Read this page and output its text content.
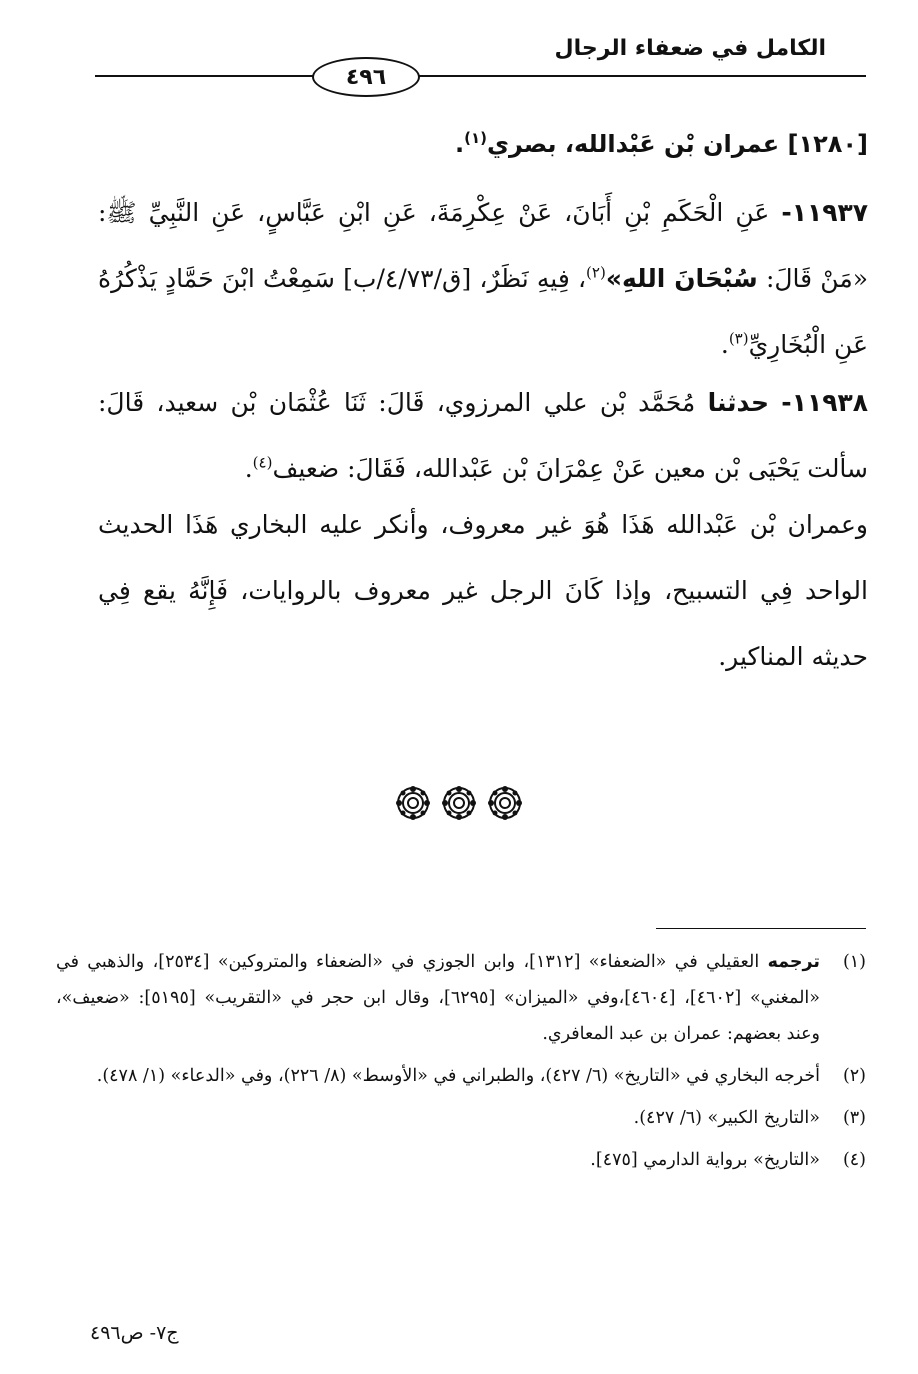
الكامل في ضعفاء الرجال
٤٩٦
[١٢٨٠] عمران بْن عَبْدالله، بصري$^{(١)}$.
١١٩٣٧- عَنِ الْحَكَمِ بْنِ أَبَانَ، عَنْ عِكْرِمَةَ، عَنِ ابْنِ عَبَّاسٍ، عَنِ النَّبِيِّ ﷺ: «مَنْ قَالَ: سُبْحَانَ اللهِ»$^{(٢)}$، فِيهِ نَظَرٌ، [ق/٤/٧٣/ب] سَمِعْتُ ابْنَ حَمَّادٍ يَذْكُرُهُ عَنِ الْبُخَارِيِّ$^{(٣)}$.
١١٩٣٨- حدثنا مُحَمَّد بْن علي المرزوي، قَالَ: ثَنَا عُثْمَان بْن سعيد، قَالَ: سألت يَحْيَى بْن معين عَنْ عِمْرَانَ بْن عَبْدالله، فَقَالَ: ضعيف$^{(٤)}$.
وعمران بْن عَبْدالله هَذَا هُوَ غير معروف، وأنكر عليه البخاري هَذَا الحديث الواحد فِي التسبيح، وإذا كَانَ الرجل غير معروف بالروايات، فَإِنَّهُ يقع فِي حديثه المناكير.
(١)
ترجمه العقيلي في «الضعفاء» [١٣١٢]، وابن الجوزي في «الضعفاء والمتروكين» [٢٥٣٤]، والذهبي في «المغني» [٤٦٠٢]، [٤٦٠٤]،وفي «الميزان» [٦٢٩٥]، وقال ابن حجر في «التقريب» [٥١٩٥]: «ضعيف»، وعند بعضهم: عمران بن عبد المعافري.
(٢)
أخرجه البخاري في «التاريخ» (٦/ ٤٢٧)، والطبراني في «الأوسط» (٨/ ٢٢٦)، وفي «الدعاء» (١/ ٤٧٨).
(٣)
«التاريخ الكبير» (٦/ ٤٢٧).
(٤)
«التاريخ» برواية الدارمي [٤٧٥].
ج٧- ص٤٩٦
